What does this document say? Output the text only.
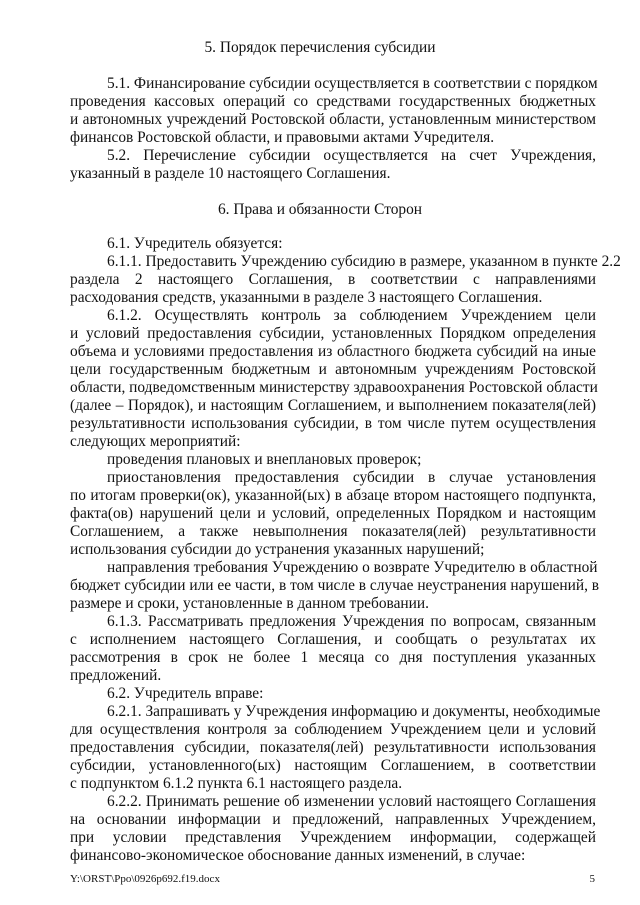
5. Порядок перечисления субсидии
5.1. Финансирование субсидии осуществляется в соответствии с порядком
проведения кассовых операций со средствами государственных бюджетных
и автономных учреждений Ростовской области, установленным министерством
финансов Ростовской области, и правовыми актами Учредителя.
5.2. Перечисление субсидии осуществляется на счет Учреждения,
указанный в разделе 10 настоящего Соглашения.
6. Права и обязанности Сторон
6.1. Учредитель обязуется:
6.1.1. Предоставить Учреждению субсидию в размере, указанном в пункте 2.2
раздела 2 настоящего Соглашения, в соответствии с направлениями
расходования средств, указанными в разделе 3 настоящего Соглашения.
6.1.2. Осуществлять контроль за соблюдением Учреждением цели
и условий предоставления субсидии, установленных Порядком определения
объема и условиями предоставления из областного бюджета субсидий на иные
цели государственным бюджетным и автономным учреждениям Ростовской
области, подведомственным министерству здравоохранения Ростовской области
(далее – Порядок), и настоящим Соглашением, и выполнением показателя(лей)
результативности использования субсидии, в том числе путем осуществления
следующих мероприятий:
проведения плановых и внеплановых проверок;
приостановления предоставления субсидии в случае установления
по итогам проверки(ок), указанной(ых) в абзаце втором настоящего подпункта,
факта(ов) нарушений цели и условий, определенных Порядком и настоящим
Соглашением, а также невыполнения показателя(лей) результативности
использования субсидии до устранения указанных нарушений;
направления требования Учреждению о возврате Учредителю в областной
бюджет субсидии или ее части, в том числе в случае неустранения нарушений, в
размере и сроки, установленные в данном требовании.
6.1.3. Рассматривать предложения Учреждения по вопросам, связанным
с исполнением настоящего Соглашения, и сообщать о результатах их
рассмотрения в срок не более 1 месяца со дня поступления указанных
предложений.
6.2. Учредитель вправе:
6.2.1. Запрашивать у Учреждения информацию и документы, необходимые
для осуществления контроля за соблюдением Учреждением цели и условий
предоставления субсидии, показателя(лей) результативности использования
субсидии, установленного(ых) настоящим Соглашением, в соответствии
с подпунктом 6.1.2 пункта 6.1 настоящего раздела.
6.2.2. Принимать решение об изменении условий настоящего Соглашения
на основании информации и предложений, направленных Учреждением,
при условии представления Учреждением информации, содержащей
финансово-экономическое обоснование данных изменений, в случае:
Y:\ORST\Ppo\0926p692.f19.docx	5
